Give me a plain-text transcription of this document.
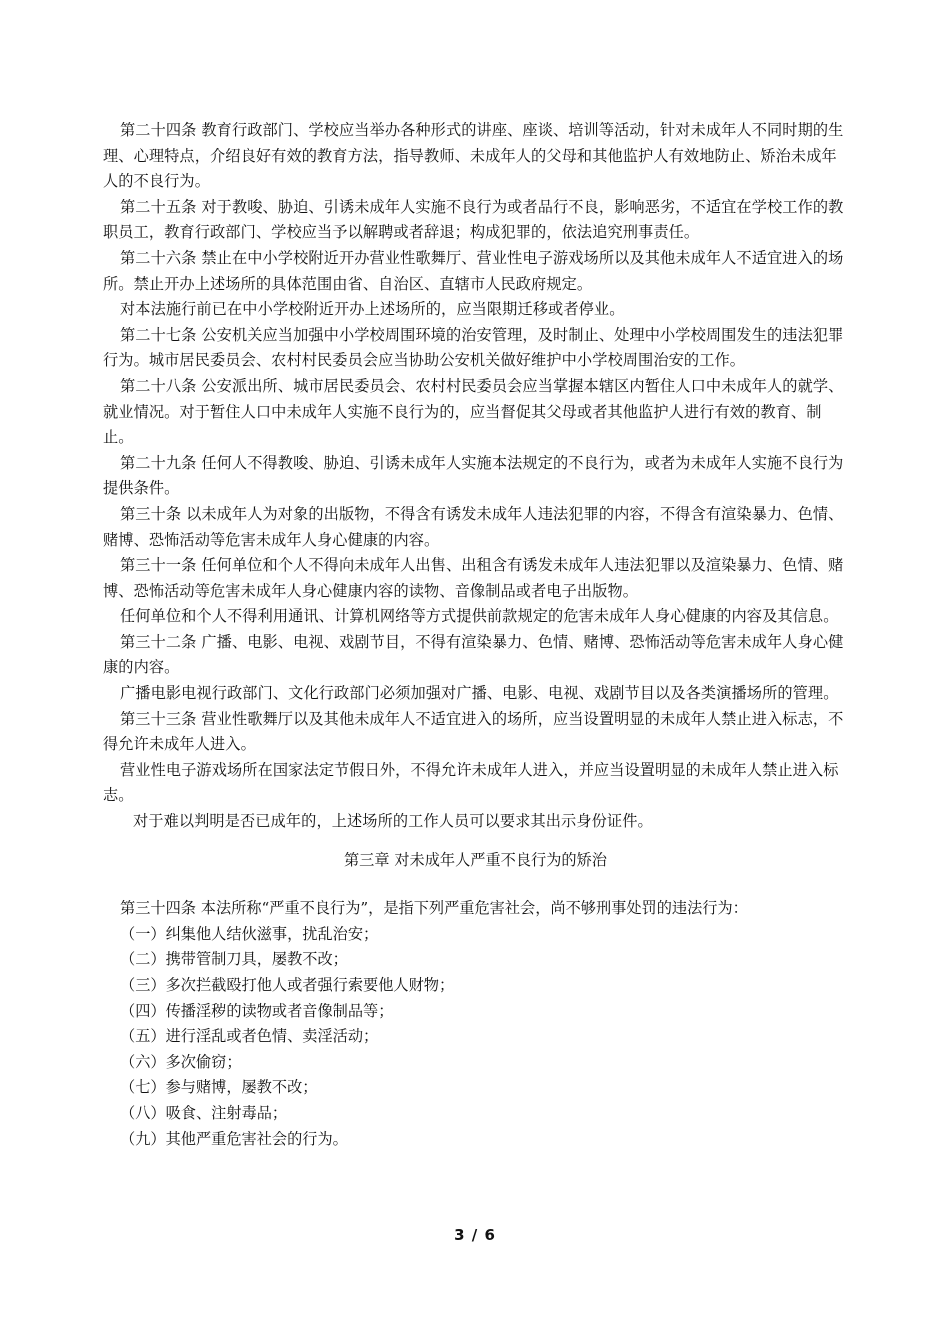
第二十四条 教育行政部门、学校应当举办各种形式的讲座、座谈、培训等活动，针对未成年人不同时期的生理、心理特点，介绍良好有效的教育方法，指导教师、未成年人的父母和其他监护人有效地防止、矫治未成年人的不良行为。

第二十五条 对于教唆、胁迫、引诱未成年人实施不良行为或者品行不良，影响恶劣，不适宜在学校工作的教职员工，教育行政部门、学校应当予以解聘或者辞退；构成犯罪的，依法追究刑事责任。

第二十六条 禁止在中小学校附近开办营业性歌舞厅、营业性电子游戏场所以及其他未成年人不适宜进入的场所。禁止开办上述场所的具体范围由省、自治区、直辖市人民政府规定。

对本法施行前已在中小学校附近开办上述场所的，应当限期迁移或者停业。

第二十七条 公安机关应当加强中小学校周围环境的治安管理，及时制止、处理中小学校周围发生的违法犯罪行为。城市居民委员会、农村村民委员会应当协助公安机关做好维护中小学校周围治安的工作。

第二十八条 公安派出所、城市居民委员会、农村村民委员会应当掌握本辖区内暂住人口中未成年人的就学、就业情况。对于暂住人口中未成年人实施不良行为的，应当督促其父母或者其他监护人进行有效的教育、制止。

第二十九条 任何人不得教唆、胁迫、引诱未成年人实施本法规定的不良行为，或者为未成年人实施不良行为提供条件。

第三十条 以未成年人为对象的出版物，不得含有诱发未成年人违法犯罪的内容，不得含有渲染暴力、色情、赌博、恐怖活动等危害未成年人身心健康的内容。

第三十一条 任何单位和个人不得向未成年人出售、出租含有诱发未成年人违法犯罪以及渲染暴力、色情、赌博、恐怖活动等危害未成年人身心健康内容的读物、音像制品或者电子出版物。

任何单位和个人不得利用通讯、计算机网络等方式提供前款规定的危害未成年人身心健康的内容及其信息。

第三十二条 广播、电影、电视、戏剧节目，不得有渲染暴力、色情、赌博、恐怖活动等危害未成年人身心健康的内容。

广播电影电视行政部门、文化行政部门必须加强对广播、电影、电视、戏剧节目以及各类演播场所的管理。

第三十三条 营业性歌舞厅以及其他未成年人不适宜进入的场所，应当设置明显的未成年人禁止进入标志，不得允许未成年人进入。

营业性电子游戏场所在国家法定节假日外，不得允许未成年人进入，并应当设置明显的未成年人禁止进入标志。

对于难以判明是否已成年的，上述场所的工作人员可以要求其出示身份证件。

第三章 对未成年人严重不良行为的矫治

第三十四条 本法所称“严重不良行为”，是指下列严重危害社会，尚不够刑事处罚的违法行为：

（一）纠集他人结伙滋事，扰乱治安；

（二）携带管制刀具，屡教不改；

（三）多次拦截殴打他人或者强行索要他人财物；

（四）传播淫秽的读物或者音像制品等；

（五）进行淫乱或者色情、卖淫活动；

（六）多次偷窃；

（七）参与赌博，屡教不改；

（八）吸食、注射毒品；

（九）其他严重危害社会的行为。

3 / 6
